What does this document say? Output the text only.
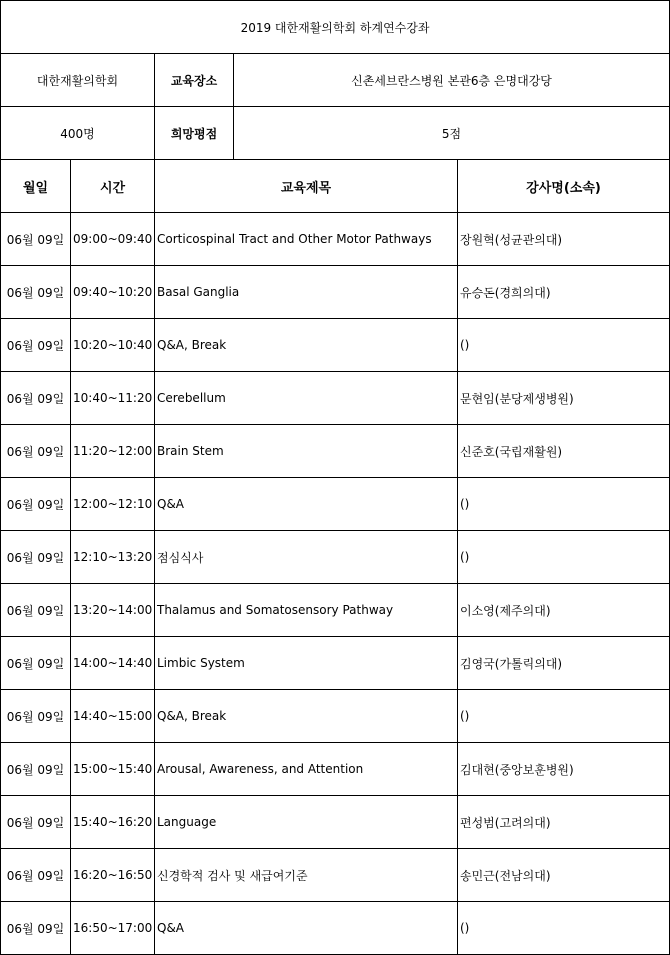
2019 대한재활의학회 하계연수강좌				
대한재활의학회		교육장소	신촌세브란스병원 본관6층 은명대강당	
400명		희망평점	5점	
월일	시간	교육제목		강사명(소속)
06월 09일	09:00~09:40	Corticospinal Tract and Other Motor Pathways		장원혁(성균관의대)
06월 09일	09:40~10:20	Basal Ganglia		유승돈(경희의대)
06월 09일	10:20~10:40	Q&A, Break		()
06월 09일	10:40~11:20	Cerebellum		문현임(분당제생병원)
06월 09일	11:20~12:00	Brain Stem		신준호(국립재활원)
06월 09일	12:00~12:10	Q&A		()
06월 09일	12:10~13:20	점심식사		()
06월 09일	13:20~14:00	Thalamus and Somatosensory Pathway		이소영(제주의대)
06월 09일	14:00~14:40	Limbic System		김영국(가톨릭의대)
06월 09일	14:40~15:00	Q&A, Break		()
06월 09일	15:00~15:40	Arousal, Awareness, and Attention		김대현(중앙보훈병원)
06월 09일	15:40~16:20	Language		편성범(고려의대)
06월 09일	16:20~16:50	신경학적 검사 및 새급여기준		송민근(전남의대)
06월 09일	16:50~17:00	Q&A		()
